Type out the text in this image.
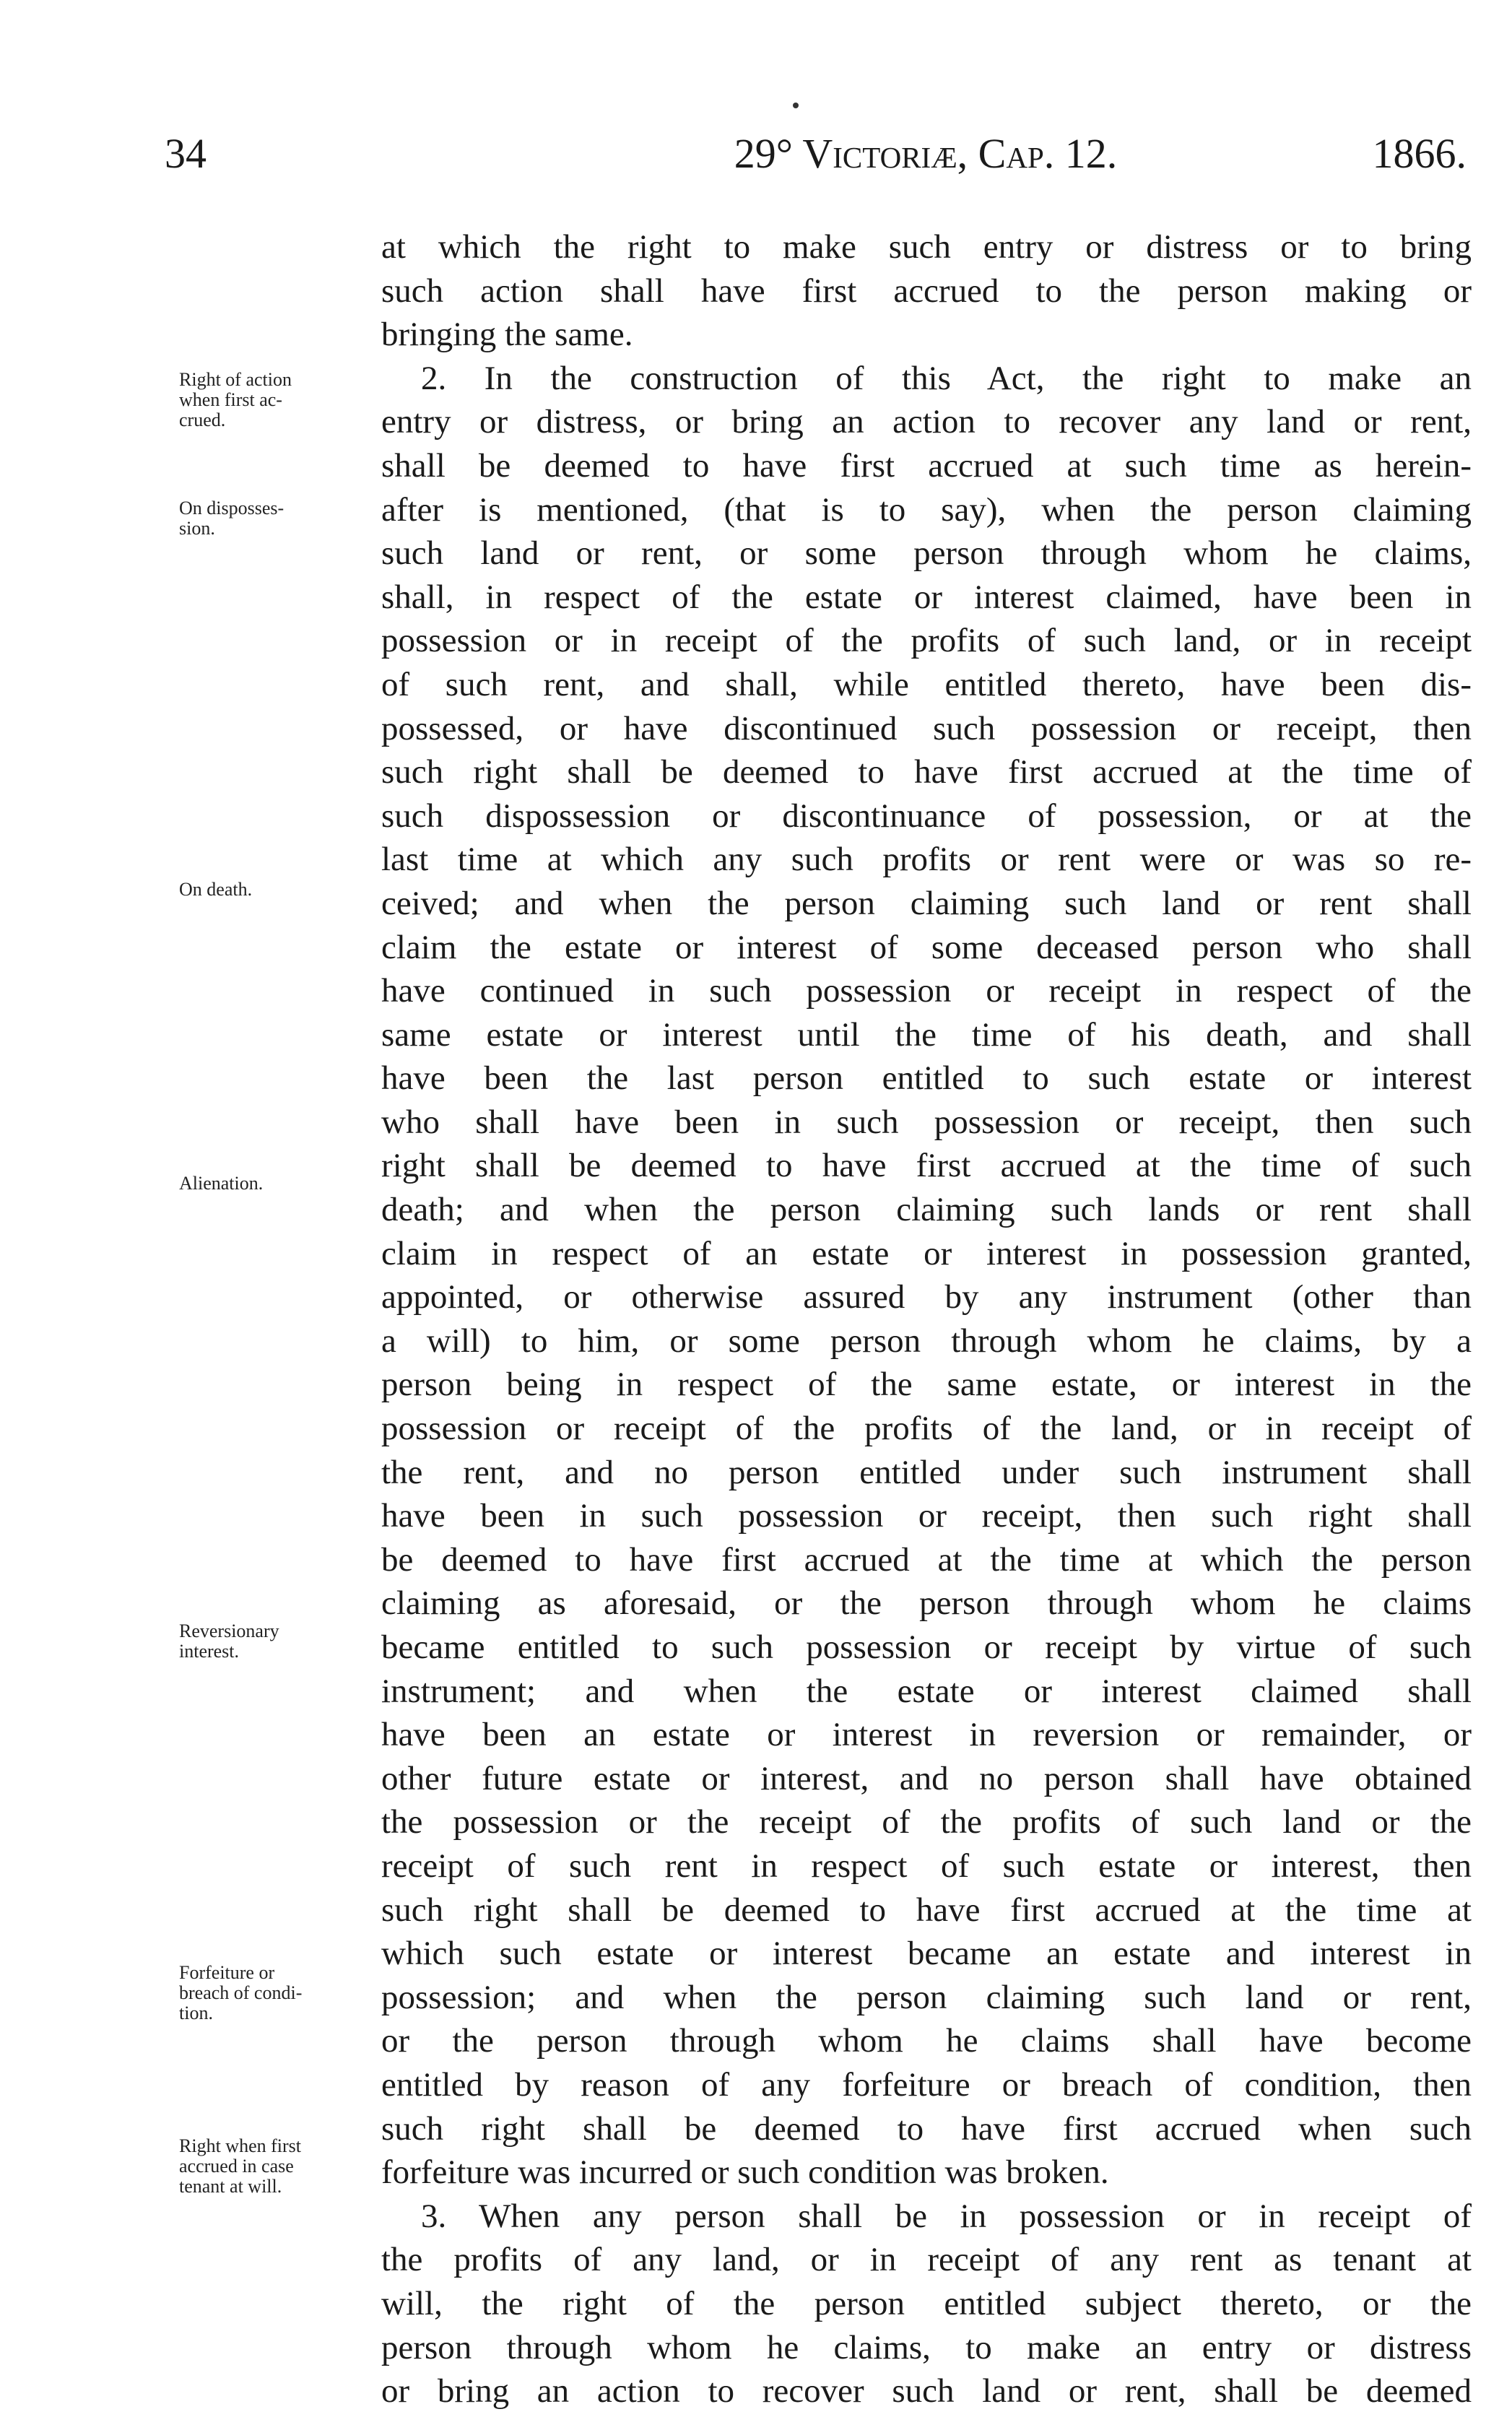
34	29° Victoriæ, Cap. 12.	1866.
Right of action
when first ac-
crued.
On disposses-
sion.
On death.
Alienation.
Reversionary
interest.
Forfeiture or
breach of condi-
tion.
Right when first
accrued in case
tenant at will.

at which the right to make such entry or distress or to bring
such action shall have first accrued to the person making or
bringing the same.

2. In the construction of this Act, the right to make an
entry or distress, or bring an action to recover any land or rent,
shall be deemed to have first accrued at such time as herein-
after is mentioned, (that is to say), when the person claiming
such land or rent, or some person through whom he claims,
shall, in respect of the estate or interest claimed, have been in
possession or in receipt of the profits of such land, or in receipt
of such rent, and shall, while entitled thereto, have been dis-
possessed, or have discontinued such possession or receipt, then
such right shall be deemed to have first accrued at the time of
such dispossession or discontinuance of possession, or at the
last time at which any such profits or rent were or was so re-
ceived; and when the person claiming such land or rent shall
claim the estate or interest of some deceased person who shall
have continued in such possession or receipt in respect of the
same estate or interest until the time of his death, and shall
have been the last person entitled to such estate or interest
who shall have been in such possession or receipt, then such
right shall be deemed to have first accrued at the time of such
death; and when the person claiming such lands or rent shall
claim in respect of an estate or interest in possession granted,
appointed, or otherwise assured by any instrument (other than
a will) to him, or some person through whom he claims, by a
person being in respect of the same estate, or interest in the
possession or receipt of the profits of the land, or in receipt of
the rent, and no person entitled under such instrument shall
have been in such possession or receipt, then such right shall
be deemed to have first accrued at the time at which the person
claiming as aforesaid, or the person through whom he claims
became entitled to such possession or receipt by virtue of such
instrument; and when the estate or interest claimed shall
have been an estate or interest in reversion or remainder, or
other future estate or interest, and no person shall have obtained
the possession or the receipt of the profits of such land or the
receipt of such rent in respect of such estate or interest, then
such right shall be deemed to have first accrued at the time at
which such estate or interest became an estate and interest in
possession; and when the person claiming such land or rent,
or the person through whom he claims shall have become
entitled by reason of any forfeiture or breach of condition, then
such right shall be deemed to have first accrued when such
forfeiture was incurred or such condition was broken.

3. When any person shall be in possession or in receipt of
the profits of any land, or in receipt of any rent as tenant at
will, the right of the person entitled subject thereto, or the
person through whom he claims, to make an entry or distress
or bring an action to recover such land or rent, shall be deemed
